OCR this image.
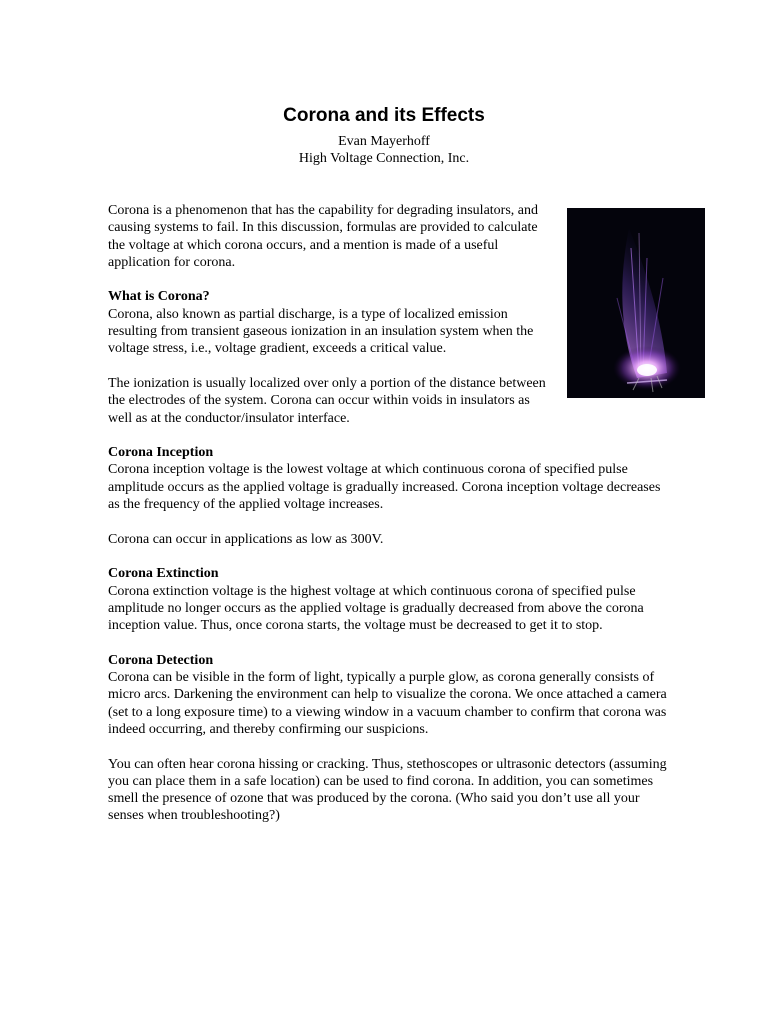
Corona and its Effects
Evan Mayerhoff
High Voltage Connection, Inc.

Corona is a phenomenon that has the capability for degrading insulators, and causing systems to fail. In this discussion, formulas are provided to calculate the voltage at which corona occurs, and a mention is made of a useful application for corona.

What is Corona?
Corona, also known as partial discharge, is a type of localized emission resulting from transient gaseous ionization in an insulation system when the voltage stress, i.e., voltage gradient, exceeds a critical value.

The ionization is usually localized over only a portion of the distance between the electrodes of the system. Corona can occur within voids in insulators as well as at the conductor/insulator interface.

Corona Inception
Corona inception voltage is the lowest voltage at which continuous corona of specified pulse amplitude occurs as the applied voltage is gradually increased. Corona inception voltage decreases as the frequency of the applied voltage increases.

Corona can occur in applications as low as 300V.

Corona Extinction
Corona extinction voltage is the highest voltage at which continuous corona of specified pulse amplitude no longer occurs as the applied voltage is gradually decreased from above the corona inception value. Thus, once corona starts, the voltage must be decreased to get it to stop.

Corona Detection
Corona can be visible in the form of light, typically a purple glow, as corona generally consists of micro arcs. Darkening the environment can help to visualize the corona. We once attached a camera (set to a long exposure time) to a viewing window in a vacuum chamber to confirm that corona was indeed occurring, and thereby confirming our suspicions.

You can often hear corona hissing or cracking. Thus, stethoscopes or ultrasonic detectors (assuming you can place them in a safe location) can be used to find corona. In addition, you can sometimes smell the presence of ozone that was produced by the corona. (Who said you don’t use all your senses when troubleshooting?)
